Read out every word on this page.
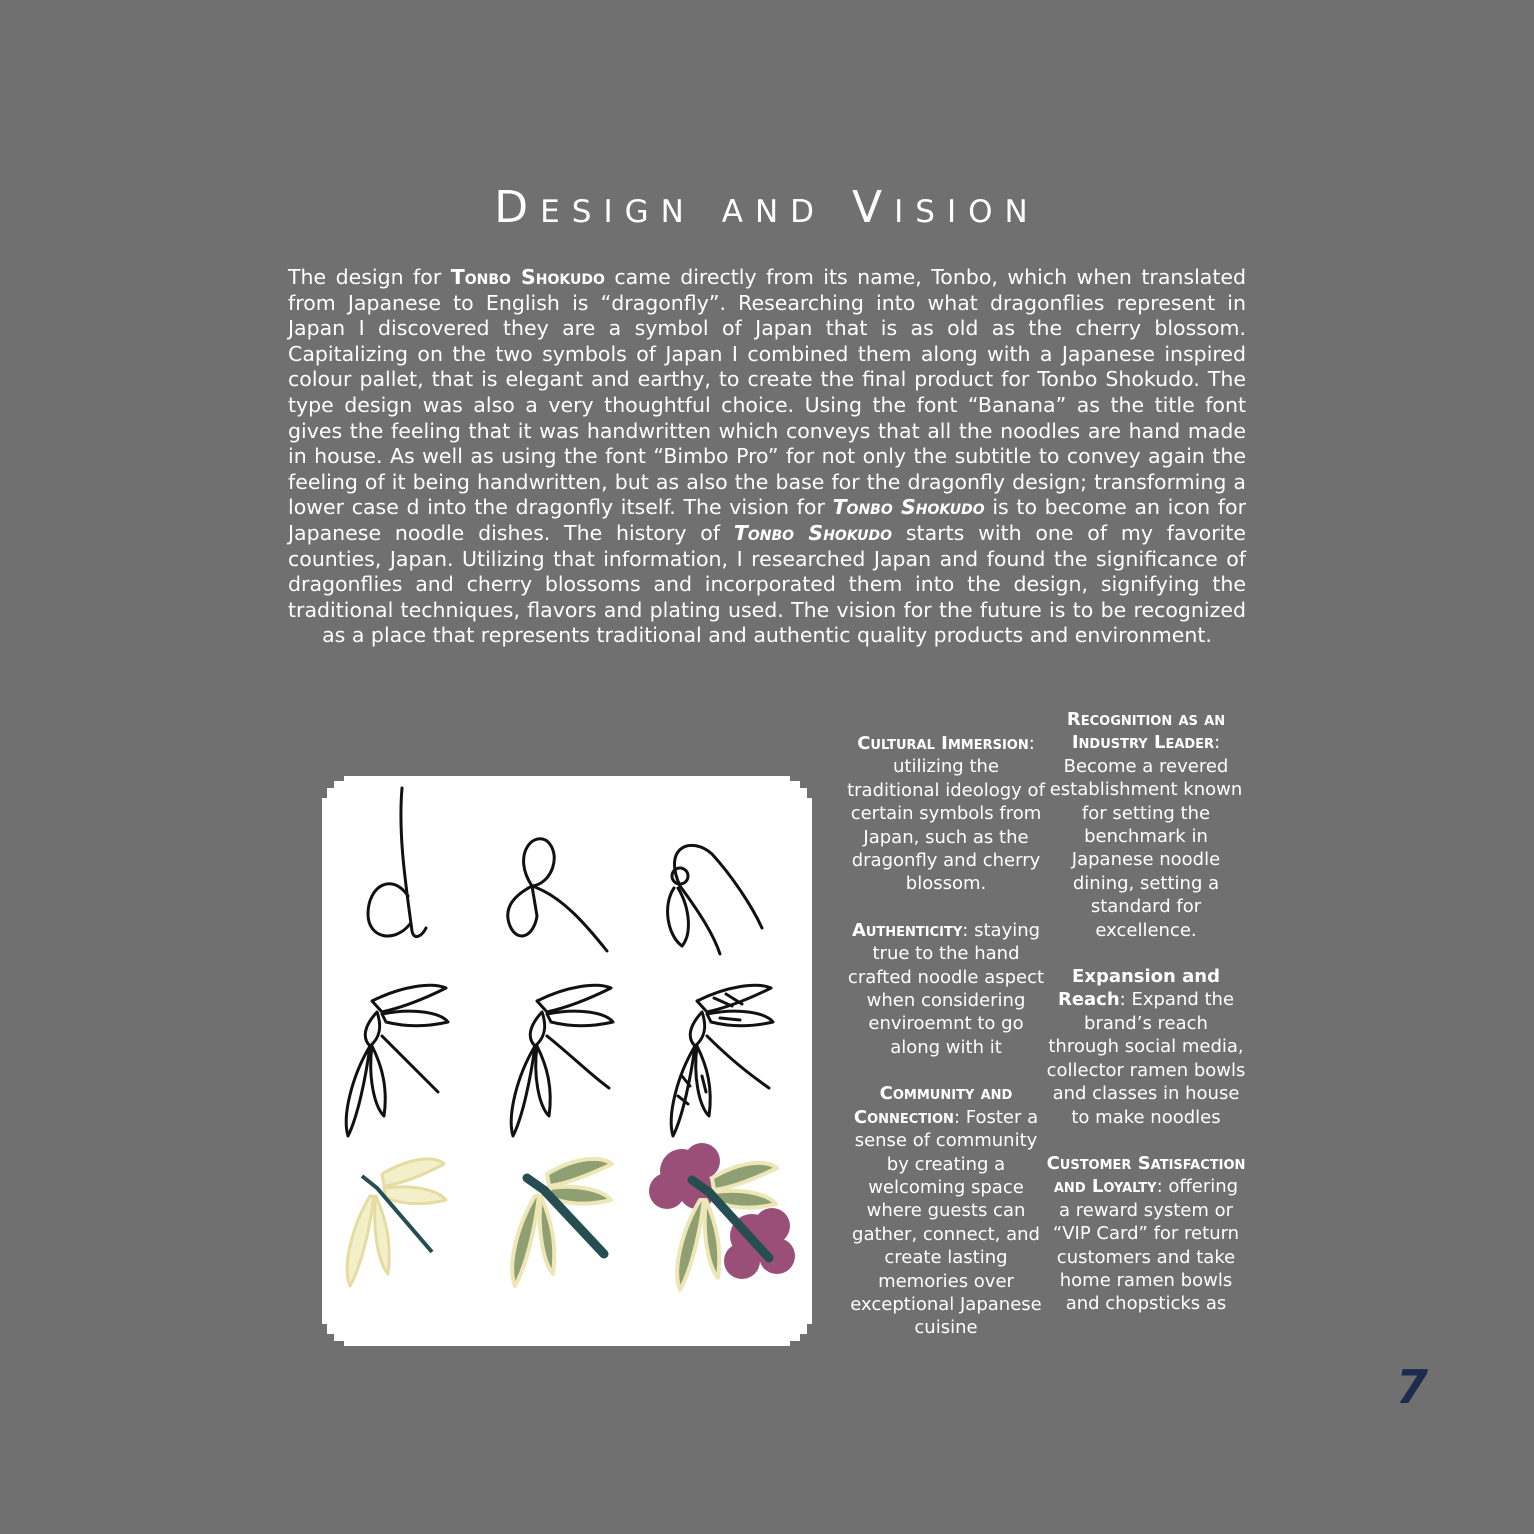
Design and Vision

The design for Tonbo Shokudo came directly from its name, Tonbo, which when translated from Japanese to English is “dragonfly”. Researching into what dragonflies represent in Japan I discovered they are a symbol of Japan that is as old as the cherry blossom. Capitalizing on the two symbols of Japan I combined them along with a Japanese inspired colour pallet, that is elegant and earthy, to create the final product for Tonbo Shokudo. The type design was also a very thoughtful choice. Using the font “Banana” as the title font gives the feeling that it was handwritten which conveys that all the noodles are hand made in house. As well as using the font “Bimbo Pro” for not only the subtitle to convey again the feeling of it being handwritten, but as also the base for the dragonfly design; transforming a lower case d into the dragonfly itself. The vision for Tonbo Shokudo is to become an icon for Japanese noodle dishes. The history of Tonbo Shokudo starts with one of my favorite counties, Japan. Utilizing that information, I researched Japan and found the significance of dragonflies and cherry blossoms and incorporated them into the design, signifying the traditional techniques, flavors and plating used. The vision for the future is to be recognized as a place that represents traditional and authentic quality products and environment.

Cultural Immersion: utilizing the traditional ideology of certain symbols from Japan, such as the dragonfly and cherry blossom.

Authenticity: staying true to the hand crafted noodle aspect when considering enviroemnt to go along with it

Community and Connection: Foster a sense of community by creating a welcoming space where guests can gather, connect, and create lasting memories over exceptional Japanese cuisine

Recognition as an Industry Leader: Become a revered establishment known for setting the benchmark in Japanese noodle dining, setting a standard for excellence.

Expansion and Reach: Expand the brand’s reach through social media, collector ramen bowls and classes in house to make noodles

Customer Satisfaction and Loyalty: offering a reward system or “VIP Card” for return customers and take home ramen bowls and chopsticks as

7
